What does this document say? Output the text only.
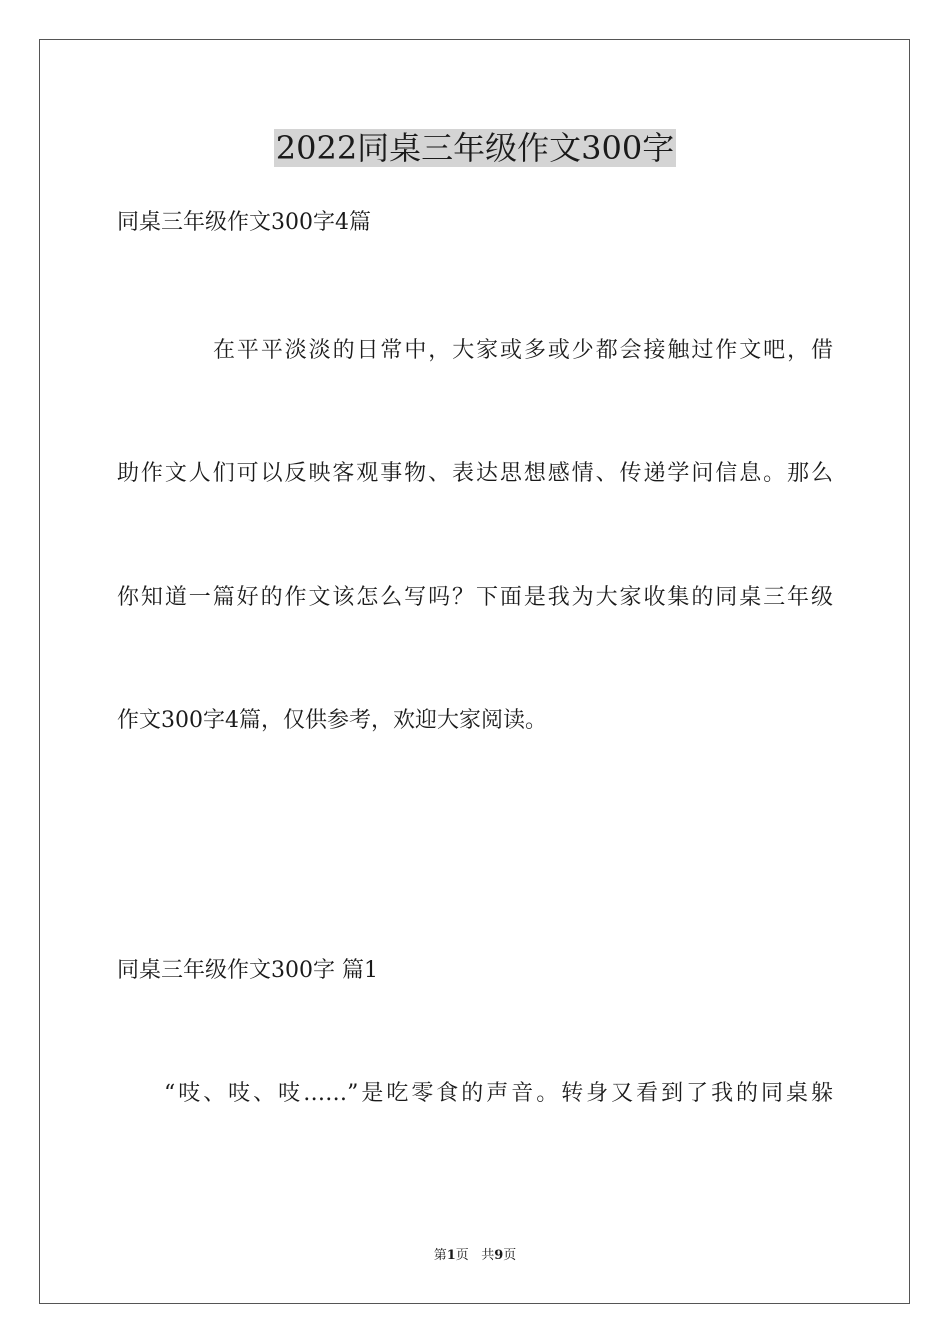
2022同桌三年级作文300字
同桌三年级作文300字4篇
在平平淡淡的日常中，大家或多或少都会接触过作文吧，借
助作文人们可以反映客观事物、表达思想感情、传递学问信息。那么
你知道一篇好的作文该怎么写吗？下面是我为大家收集的同桌三年级
作文300字4篇，仅供参考，欢迎大家阅读。
同桌三年级作文300字 篇1
“吱、吱、吱……”是吃零食的声音。转身又看到了我的同桌躲
第1页 共9页
